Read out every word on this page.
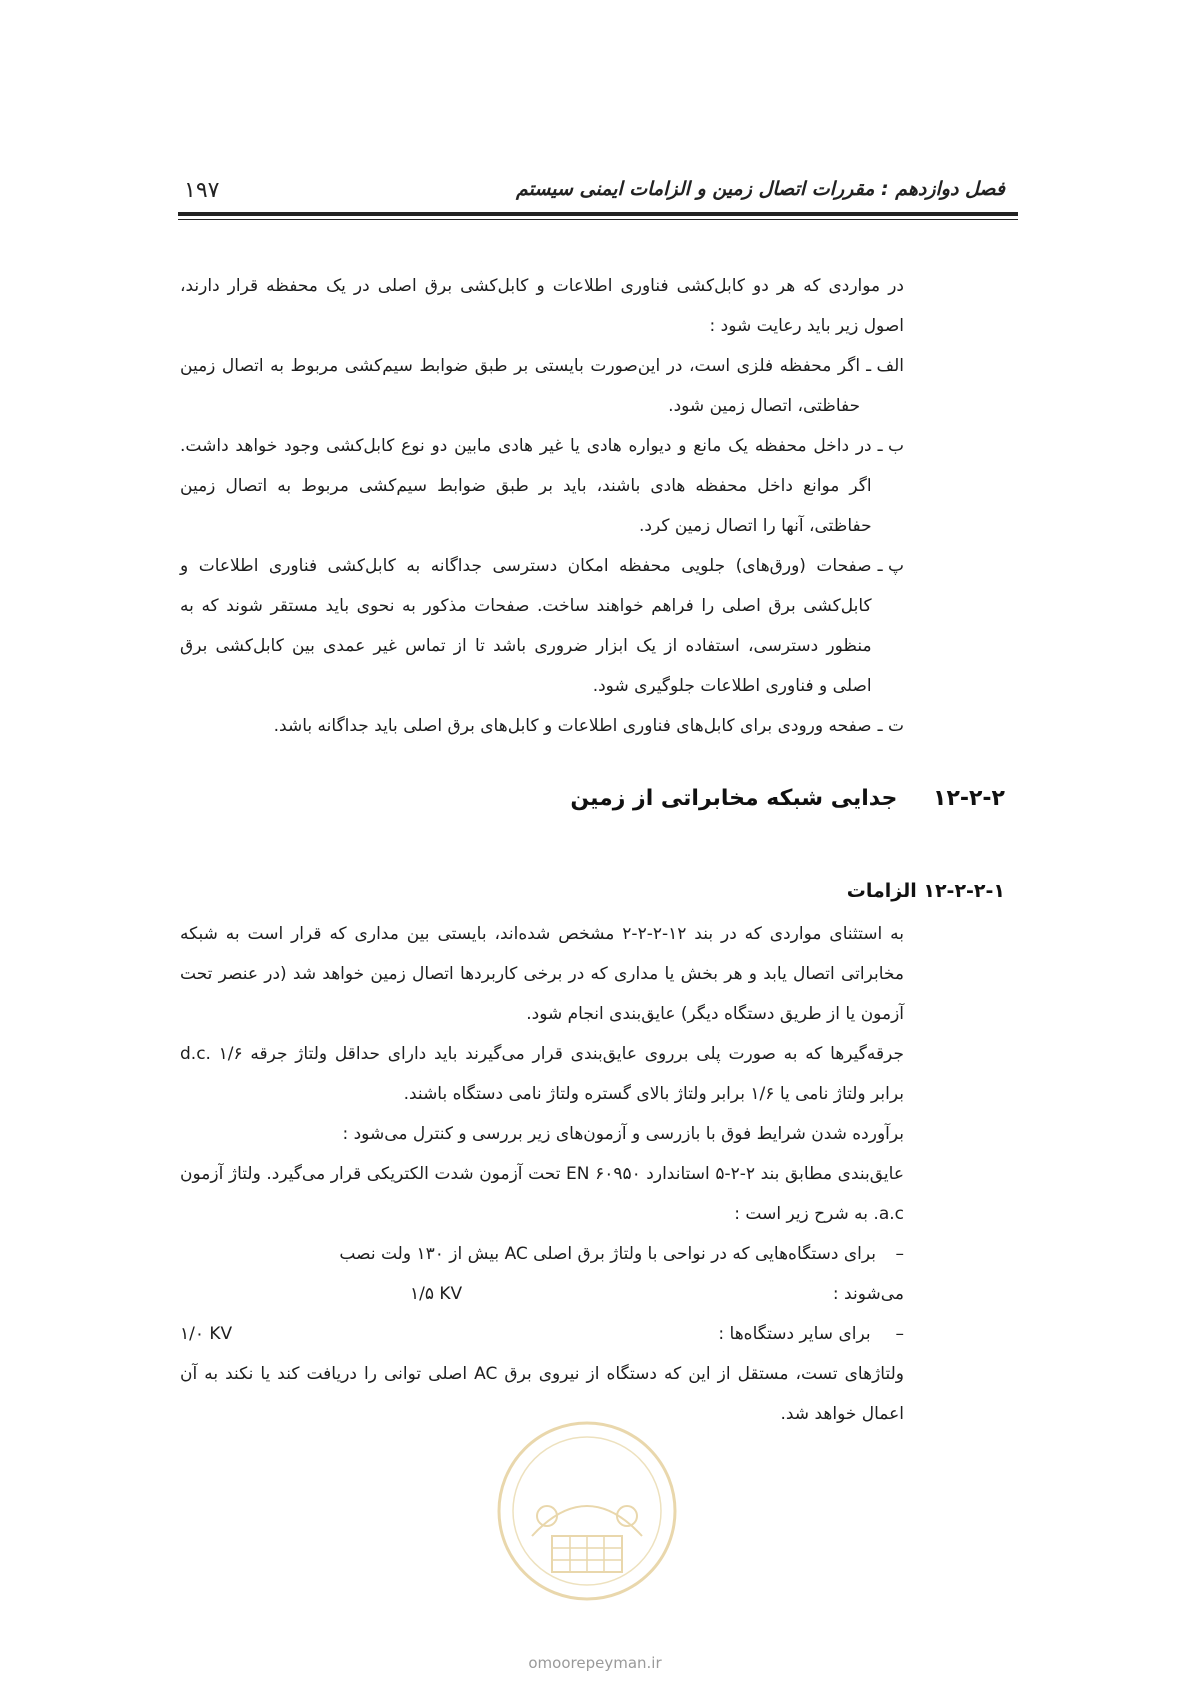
۱۹۷	فصل دوازدهم : مقررات اتصال زمین و الزامات ایمنی سیستم

در مواردی که هر دو کابل‌کشی فناوری اطلاعات و کابل‌کشی برق اصلی در یک محفظه قرار دارند، اصول زیر باید رعایت شود :

الف ـ
اگر محفظه فلزی است، در این‌صورت بایستی بر طبق ضوابط سیم‌کشی مربوط به اتصال زمین حفاظتی، اتصال زمین شود.
ب ـ
در داخل محفظه یک مانع و دیواره هادی یا غیر هادی مابین دو نوع کابل‌کشی وجود خواهد داشت. اگر موانع داخل محفظه هادی باشند، باید بر طبق ضوابط سیم‌کشی مربوط به اتصال زمین حفاظتی، آنها را اتصال زمین کرد.
پ ـ
صفحات (ورق‌های) جلویی محفظه امکان دسترسی جداگانه به کابل‌کشی فناوری اطلاعات و کابل‌کشی برق اصلی را فراهم خواهند ساخت. صفحات مذکور به نحوی باید مستقر شوند که به منظور دسترسی، استفاده از یک ابزار ضروری باشد تا از تماس غیر عمدی بین کابل‌کشی برق اصلی و فناوری اطلاعات جلوگیری شود.
ت ـ
صفحه ورودی برای کابل‌های فناوری اطلاعات و کابل‌های برق اصلی باید جداگانه باشد.
۱۲-۲-۲ جدایی شبکه مخابراتی از زمین
۱۲-۲-۲-۱ الزامات

به استثنای مواردی که در بند ۱۲-۲-۲-۲ مشخص شده‌اند، بایستی بین مداری که قرار است به شبکه مخابراتی اتصال یابد و هر بخش یا مداری که در برخی کاربردها اتصال زمین خواهد شد (در عنصر تحت آزمون یا از طریق دستگاه دیگر) عایق‌بندی انجام شود.

جرقه‌گیرها که به صورت پلی برروی عایق‌بندی قرار می‌گیرند باید دارای حداقل ولتاژ جرقه d.c. ۱/۶ برابر ولتاژ نامی یا ۱/۶ برابر ولتاژ بالای گستره ولتاژ نامی دستگاه باشند.

برآورده شدن شرایط فوق با بازرسی و آزمون‌های زیر بررسی و کنترل می‌شود :

عایق‌بندی مطابق بند ۲-۲-۵ استاندارد EN ۶۰۹۵۰ تحت آزمون شدت الکتریکی قرار می‌گیرد. ولتاژ آزمون a.c. به شرح زیر است :

–
برای دستگاه‌هایی که در نواحی با ولتاژ برق اصلی AC بیش از ۱۳۰ ولت نصب
می‌شوند :
۱/۵ KV
– برای سایر دستگاه‌ها :
۱/۰ KV

ولتاژهای تست، مستقل از این که دستگاه از نیروی برق AC اصلی توانی را دریافت کند یا نکند به آن اعمال خواهد شد.

omoorepeyman.ir
